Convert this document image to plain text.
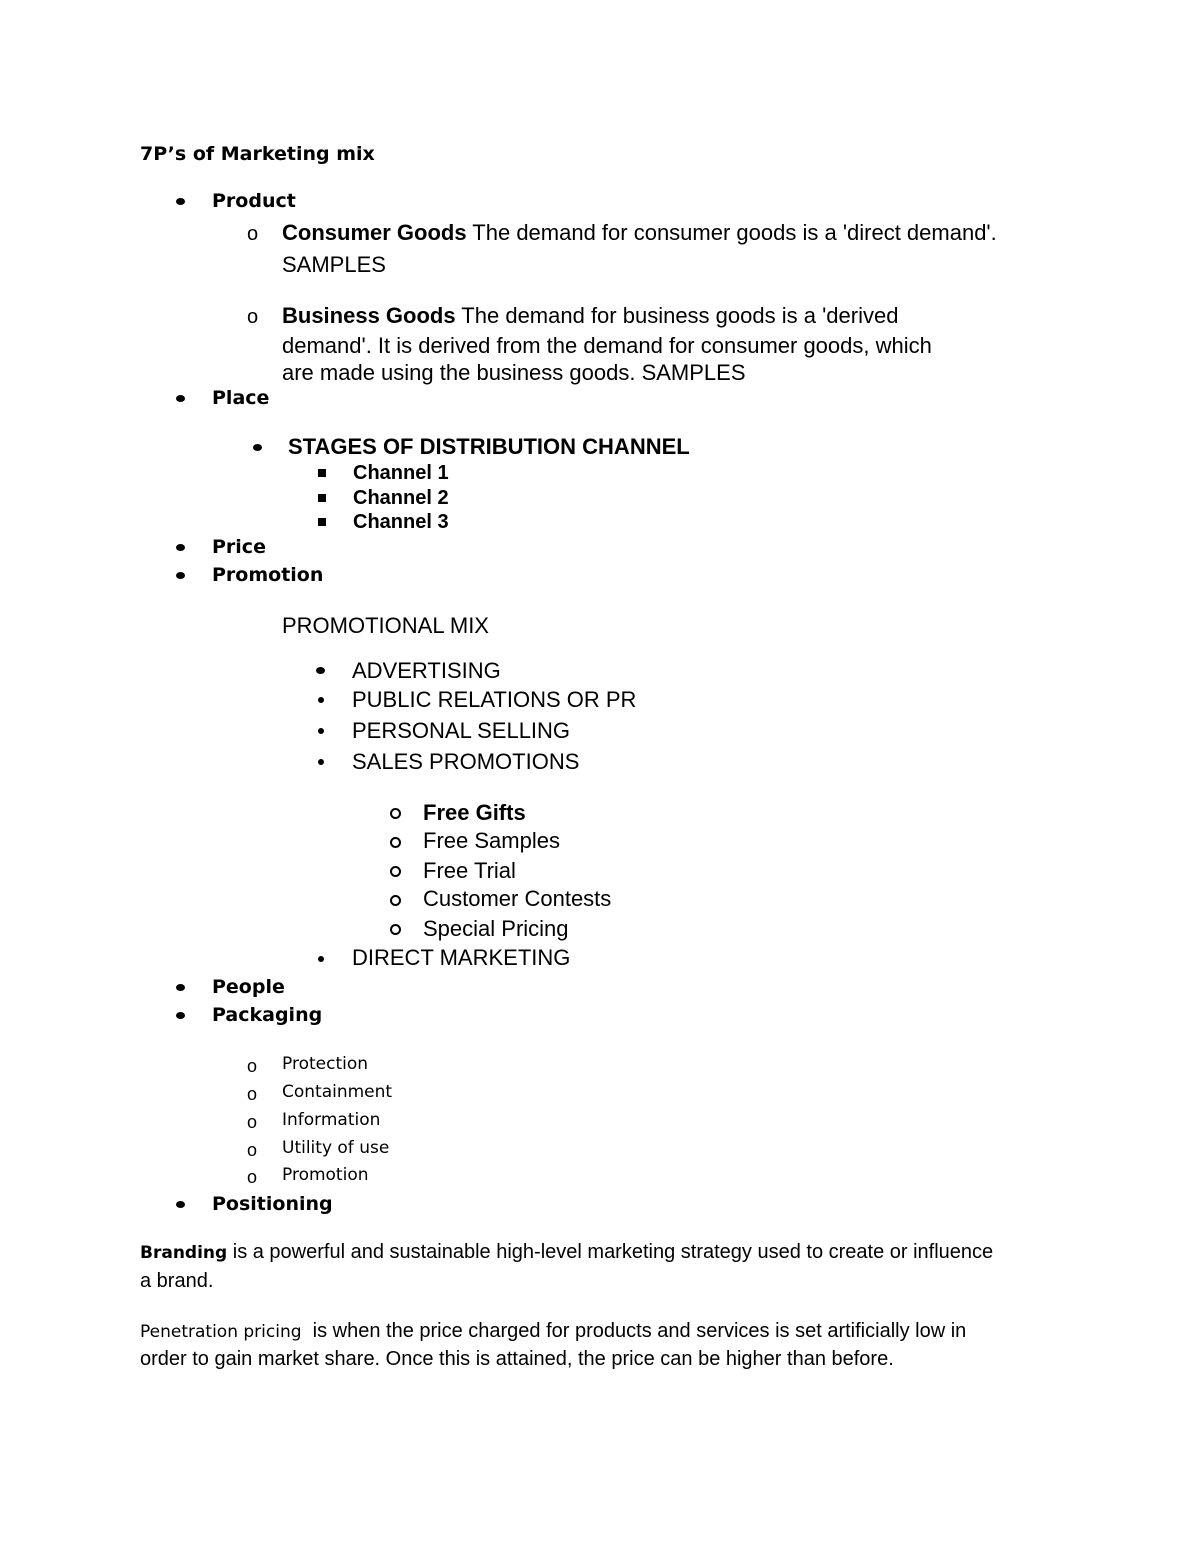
7P’s of Marketing mix
Product
o Consumer Goods The demand for consumer goods is a 'direct demand'.
SAMPLES
o Business Goods The demand for business goods is a 'derived
demand'. It is derived from the demand for consumer goods, which
are made using the business goods. SAMPLES
Place
STAGES OF DISTRIBUTION CHANNEL
Channel 1
Channel 2
Channel 3
Price
Promotion
PROMOTIONAL MIX
ADVERTISING
PUBLIC RELATIONS OR PR
PERSONAL SELLING
SALES PROMOTIONS
Free Gifts
Free Samples
Free Trial
Customer Contests
Special Pricing
DIRECT MARKETING
People
Packaging
o Protection
o Containment
o Information
o Utility of use
o Promotion
Positioning
Branding is a powerful and sustainable high-level marketing strategy used to create or influence
a brand.
Penetration pricing  is when the price charged for products and services is set artificially low in
order to gain market share. Once this is attained, the price can be higher than before.
